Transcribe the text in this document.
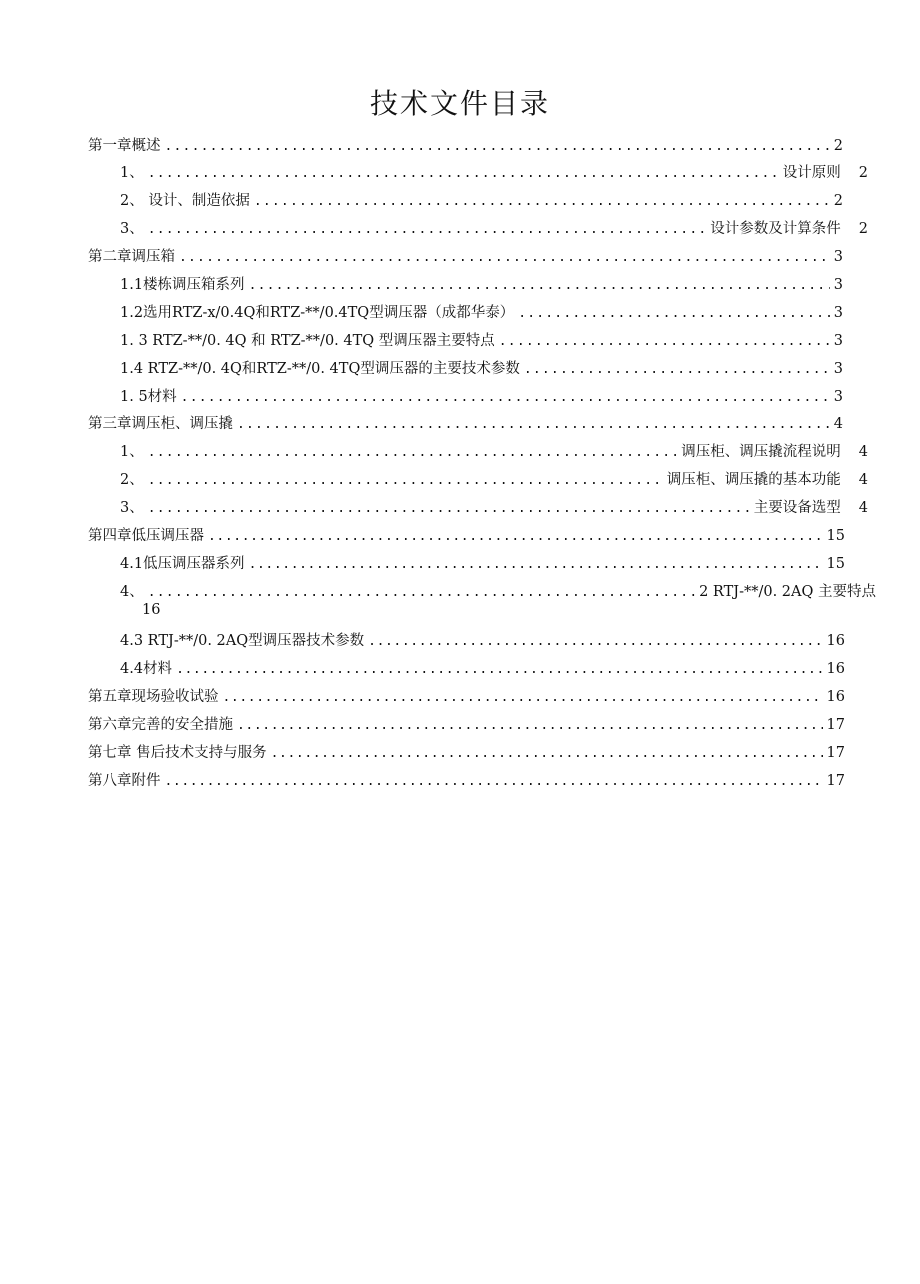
技术文件目录
第一章概述 .....	2
1、 .....	设计原则 2
2、 设计、制造依据 .....	2
3、 .....	设计参数及计算条件 2
第二章调压箱 .....	3
1.1楼栋调压箱系列 .....	3
1.2选用RTZ-x/0.4Q和RTZ-**/0.4TQ型调压器（成都华泰） .....	3
1. 3 RTZ-**/0. 4Q 和 RTZ-**/0. 4TQ 型调压器主要特点 .....	3
1.4 RTZ-**/0. 4Q和RTZ-**/0. 4TQ型调压器的主要技术参数 .....	3
1. 5材料 .....	3
第三章调压柜、调压撬 .....	4
1、 .....	调压柜、调压撬流程说明 4
2、 .....	调压柜、调压撬的基本功能 4
3、 .....	主要设备选型 4
第四章低压调压器 .....	15
4.1低压调压器系列 .....	15
4、 .....	2 RTJ-**/0. 2AQ 主要特点
16
4.3 RTJ-**/0. 2AQ型调压器技术参数 .....	16
4.4材料 .....	16
第五章现场验收试验 .....	16
第六章完善的安全措施 .....	17
第七章 售后技术支持与服务 .....	17
第八章附件 .....	17
